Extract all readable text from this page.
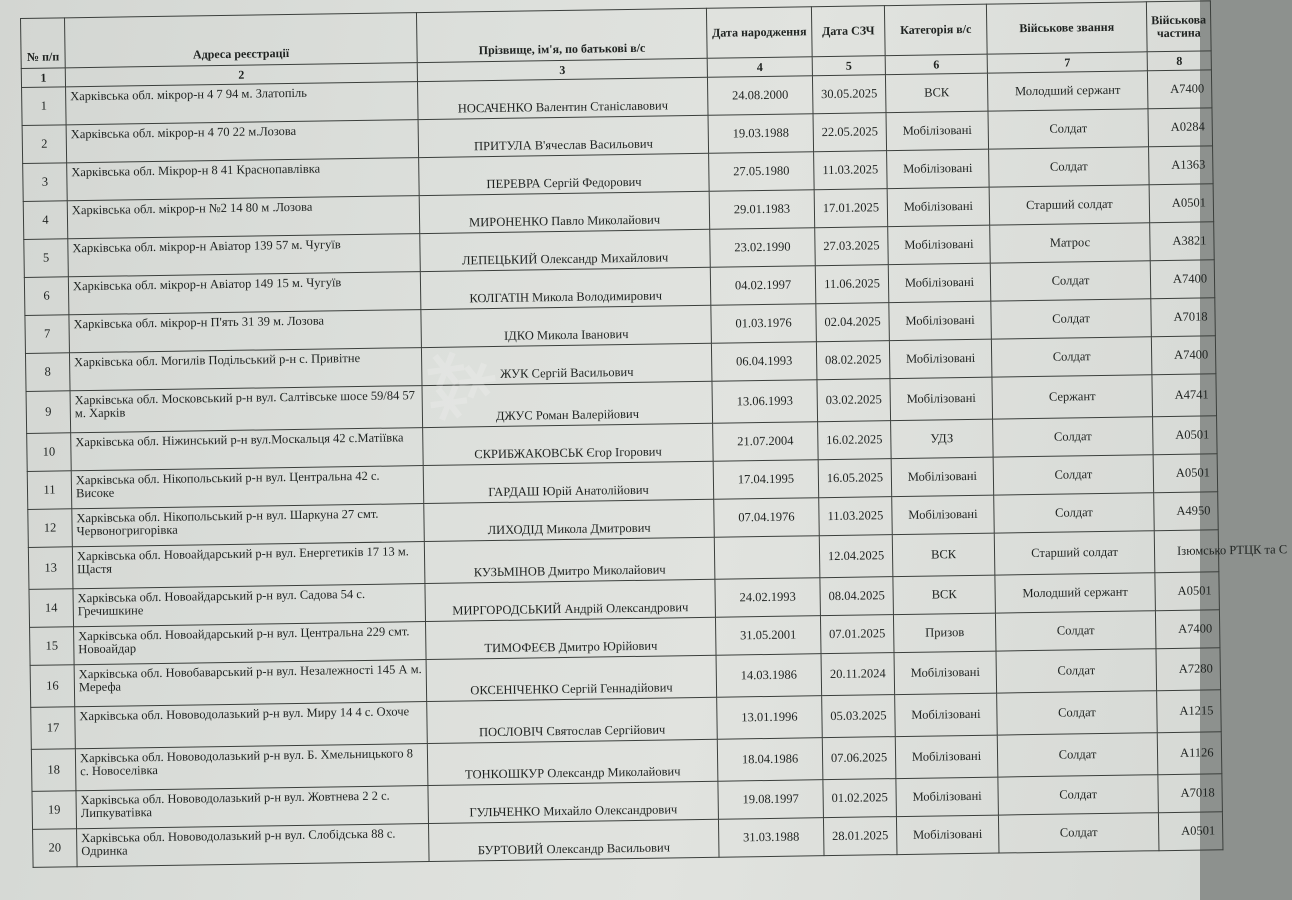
№ п/п	Адреса реєстрації	Прізвище, ім'я, по батькові в/с	Дата народження	Дата СЗЧ	Категорія в/с	Військове звання	Військова частина
1	2	3	4	5	6	7	8
1	Харківська обл. мікрор-н 4 7 94 м. Златопіль	НОСАЧЕНКО Валентин Станіславович	24.08.2000	30.05.2025	ВСК	Молодший сержант	А7400
2	Харківська обл. мікрор-н 4 70 22 м.Лозова	ПРИТУЛА В'ячеслав Васильович	19.03.1988	22.05.2025	Мобілізовані	Солдат	А0284
3	Харківська обл. Мікрор-н 8 41 Краснопавлівка	ПЕРЕВРА Сергій Федорович	27.05.1980	11.03.2025	Мобілізовані	Солдат	А1363
4	Харківська обл. мікрор-н №2 14 80 м .Лозова	МИРОНЕНКО Павло Миколайович	29.01.1983	17.01.2025	Мобілізовані	Старший солдат	А0501
5	Харківська обл. мікрор-н Авіатор 139 57 м. Чугуїв	ЛЕПЕЦЬКИЙ Олександр Михайлович	23.02.1990	27.03.2025	Мобілізовані	Матрос	А3821
6	Харківська обл. мікрор-н Авіатор 149 15 м. Чугуїв	КОЛГАТІН Микола Володимирович	04.02.1997	11.06.2025	Мобілізовані	Солдат	А7400
7	Харківська обл. мікрор-н П'ять 31 39 м. Лозова	ІДКО Микола Іванович	01.03.1976	02.04.2025	Мобілізовані	Солдат	А7018
8	Харківська обл. Могилів Подільський р-н с. Привітне	ЖУК Сергій Васильович	06.04.1993	08.02.2025	Мобілізовані	Солдат	А7400
9	Харківська обл. Московський р-н вул. Салтівське шосе 59/84 57 м. Харків	ДЖУС Роман Валерійович	13.06.1993	03.02.2025	Мобілізовані	Сержант	А4741
10	Харківська обл. Ніжинський р-н вул.Москальця 42 с.Матіївка	СКРИБЖАКОВСЬК Єгор Ігорович	21.07.2004	16.02.2025	УДЗ	Солдат	А0501
11	Харківська обл. Нікопольський р-н вул. Центральна 42 с. Високе	ГАРДАШ Юрій Анатолійович	17.04.1995	16.05.2025	Мобілізовані	Солдат	А0501
12	Харківська обл. Нікопольський р-н вул. Шаркуна 27 смт. Червоногригорівка	ЛИХОДІД Микола Дмитрович	07.04.1976	11.03.2025	Мобілізовані	Солдат	А4950
13	Харківська обл. Новоайдарський р-н вул. Енергетиків 17 13 м. Щастя	КУЗЬМІНОВ Дмитро Миколайович		12.04.2025	ВСК	Старший солдат	Ізюмсько РТЦК та С
14	Харківська обл. Новоайдарський р-н вул. Садова 54 с. Гречишкине	МИРГОРОДСЬКИЙ Андрій Олександрович	24.02.1993	08.04.2025	ВСК	Молодший сержант	А0501
15	Харківська обл. Новоайдарський р-н вул. Центральна 229 смт. Новоайдар	ТИМОФЕЄВ Дмитро Юрійович	31.05.2001	07.01.2025	Призов	Солдат	А7400
16	Харківська обл. Новобаварський р-н вул. Незалежності 145 А м. Мерефа	ОКСЕНІЧЕНКО Сергій Геннадійович	14.03.1986	20.11.2024	Мобілізовані	Солдат	А7280
17	Харківська обл. Нововодолазький р-н вул. Миру 14 4 с. Охоче	ПОСЛОВІЧ Святослав Сергійович	13.01.1996	05.03.2025	Мобілізовані	Солдат	А1215
18	Харківська обл. Нововодолазький р-н вул. Б. Хмельницького 8 с. Новоселівка	ТОНКОШКУР Олександр Миколайович	18.04.1986	07.06.2025	Мобілізовані	Солдат	А1126
19	Харківська обл. Нововодолазький р-н вул. Жовтнева 2 2 с. Липкуватівка	ГУЛЬЧЕНКО Михайло Олександрович	19.08.1997	01.02.2025	Мобілізовані	Солдат	А7018
20	Харківська обл. Нововодолазький р-н вул. Слобідська 88 с. Одринка	БУРТОВИЙ Олександр Васильович	31.03.1988	28.01.2025	Мобілізовані	Солдат	А0501
⁂
